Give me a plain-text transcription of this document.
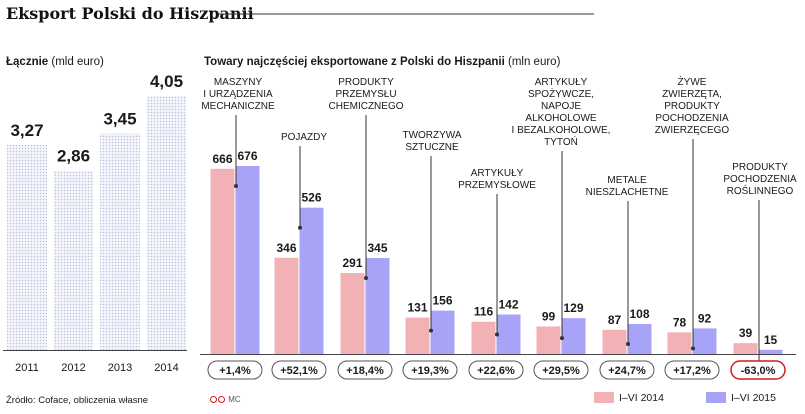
Eksport Polski do Hiszpanii
Łącznie (mld euro)	Towary najczęściej eksportowane z Polski do Hiszpanii (mln euro)
3,27
2011
2,86
2012
3,45
2013
4,05
2014
666 676
MASZYNY
I URZĄDZENIA
MECHANICZNE
+1,4%
346
526
POJAZDY
+52,1%
291
345
PRODUKTY
PRZEMYSŁU
CHEMICZNEGO
+18,4%
131 156
TWORZYWA
SZTUCZNE
+19,3%
116
142
ARTYKUŁY
PRZEMYSŁOWE
+22,6%
99
129
ARTYKUŁY
SPOŻYWCZE,
NAPOJE
ALKOHOLOWE
I BEZALKOHOLOWE,
TYTOŃ
+29,5%
87 108
METALE
NIESZLACHETNE
+24,7%
78 92
ŻYWE
ZWIERZĘTA,
PRODUKTY
POCHODZENIA
ZWIERZĘCEGO
+17,2%
39 15
PRODUKTY
POCHODZENIA
ROŚLINNEGO
-63,0%
Źródło: Coface, obliczenia własne	MC	I–VI 2014	I–VI 2015
